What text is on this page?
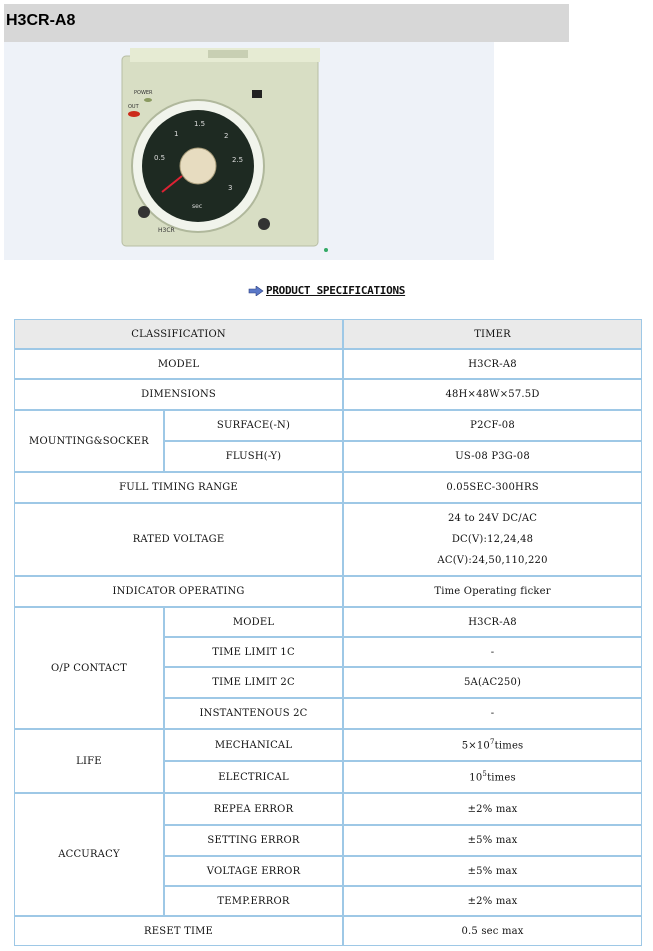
H3CR-A8
POWER
OUT
1
1.5
2
2.5
3
0.5
sec
H3CR
PRODUCT SPECIFICATIONS
CLASSIFICATION		TIMER
MODEL		H3CR-A8
DIMENSIONS		48H×48W×57.5D
MOUNTING&SOCKER	SURFACE(-N)	P2CF-08
	FLUSH(-Y)	US-08 P3G-08
FULL TIMING RANGE		0.05SEC-300HRS
RATED VOLTAGE		24 to 24V DC/AC
DC(V):12,24,48
AC(V):24,50,110,220

INDICATOR OPERATING		Time Operating ficker
O/P CONTACT	MODEL	H3CR-A8
	TIME LIMIT 1C	-
	TIME LIMIT 2C	5A(AC250)
	INSTANTENOUS 2C	-
LIFE	MECHANICAL	$5\times 10^7times$
	ELECTRICAL	$10^5times$
ACCURACY	REPEA ERROR	±2% max
	SETTING ERROR	±5% max
	VOLTAGE ERROR	±5% max
	TEMP.ERROR	±2% max
RESET TIME		0.5 sec max
